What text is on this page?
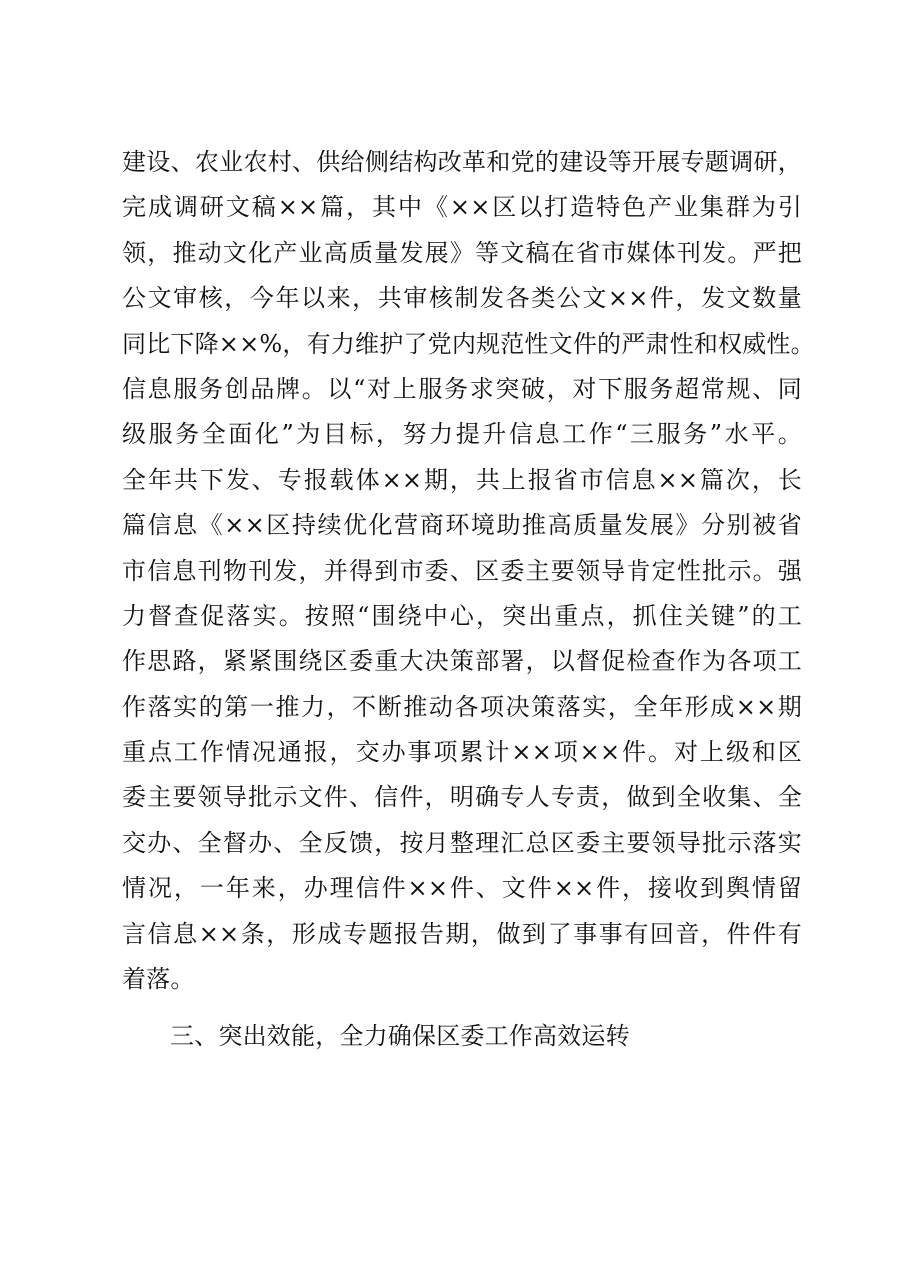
建设、农业农村、供给侧结构改革和党的建设等开展专题调研，
完成调研文稿××篇，其中《××区以打造特色产业集群为引
领，推动文化产业高质量发展》等文稿在省市媒体刊发。严把
公文审核，今年以来，共审核制发各类公文××件，发文数量
同比下降××%，有力维护了党内规范性文件的严肃性和权威性。
信息服务创品牌。以“对上服务求突破，对下服务超常规、同
级服务全面化”为目标，努力提升信息工作“三服务”水平。
全年共下发、专报载体××期，共上报省市信息××篇次，长
篇信息《××区持续优化营商环境助推高质量发展》分别被省
市信息刊物刊发，并得到市委、区委主要领导肯定性批示。强
力督查促落实。按照“围绕中心，突出重点，抓住关键”的工
作思路，紧紧围绕区委重大决策部署，以督促检查作为各项工
作落实的第一推力，不断推动各项决策落实，全年形成××期
重点工作情况通报，交办事项累计××项××件。对上级和区
委主要领导批示文件、信件，明确专人专责，做到全收集、全
交办、全督办、全反馈，按月整理汇总区委主要领导批示落实
情况，一年来，办理信件××件、文件××件，接收到舆情留
言信息××条，形成专题报告期，做到了事事有回音，件件有
着落。
三、突出效能，全力确保区委工作高效运转
